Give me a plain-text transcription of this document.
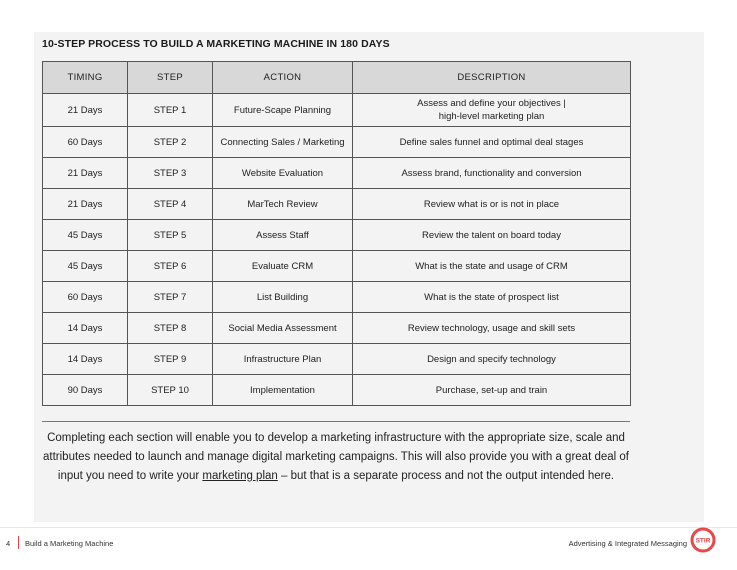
10-STEP PROCESS TO BUILD A MARKETING MACHINE IN 180 DAYS
TIMING	STEP	ACTION	DESCRIPTION
21 Days	STEP 1	Future-Scape Planning	Assess and define your objectives |
high-level marketing plan

60 Days	STEP 2	Connecting Sales / Marketing	Define sales funnel and optimal deal stages
21 Days	STEP 3	Website Evaluation	Assess brand, functionality and conversion
21 Days	STEP 4	MarTech Review	Review what is or is not in place
45 Days	STEP 5	Assess Staff	Review the talent on board today
45 Days	STEP 6	Evaluate CRM	What is the state and usage of CRM
60 Days	STEP 7	List Building	What is the state of prospect list
14 Days	STEP 8	Social Media Assessment	Review technology, usage and skill sets
14 Days	STEP 9	Infrastructure Plan	Design and specify technology
90 Days	STEP 10	Implementation	Purchase, set-up and train
Completing each section will enable you to develop a marketing infrastructure with the appropriate size, scale and attributes needed to launch and manage digital marketing campaigns. This will also provide you with a great deal of input you need to write your marketing plan – but that is a separate process and not the output intended here.
4 Build a Marketing Machine	Advertising & Integrated Messaging STIR
